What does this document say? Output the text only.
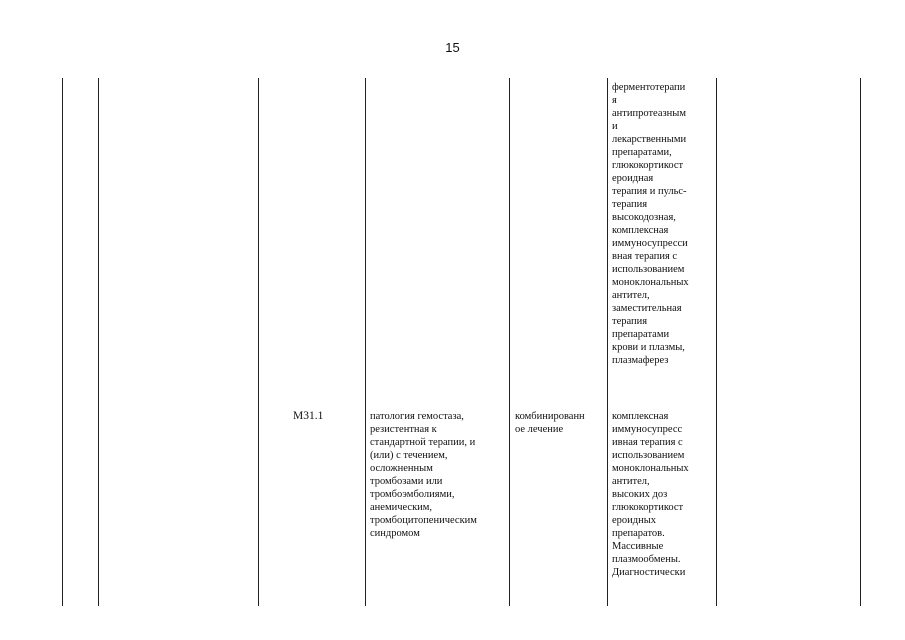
15
M31.1	патология гемостаза,
резистентная к
стандартной терапии, и
(или) с течением,
осложненным
тромбозами или
тромбоэмболиями,
анемическим,
тромбоцитопеническим
синдромом
комбинированн
ое лечение
ферментотерапи
я
антипротеазным
и
лекарственными
препаратами,
глюкокортикост
ероидная
терапия и пульс-
терапия
высокодозная,
комплексная
иммуносупресси
вная терапия с
использованием
моноклональных
антител,
заместительная
терапия
препаратами
крови и плазмы,
плазмаферез
комплексная
иммуносупресс
ивная терапия с
использованием
моноклональных
антител,
высоких доз
глюкокортикост
ероидных
препаратов.
Массивные
плазмообмены.
Диагностически
